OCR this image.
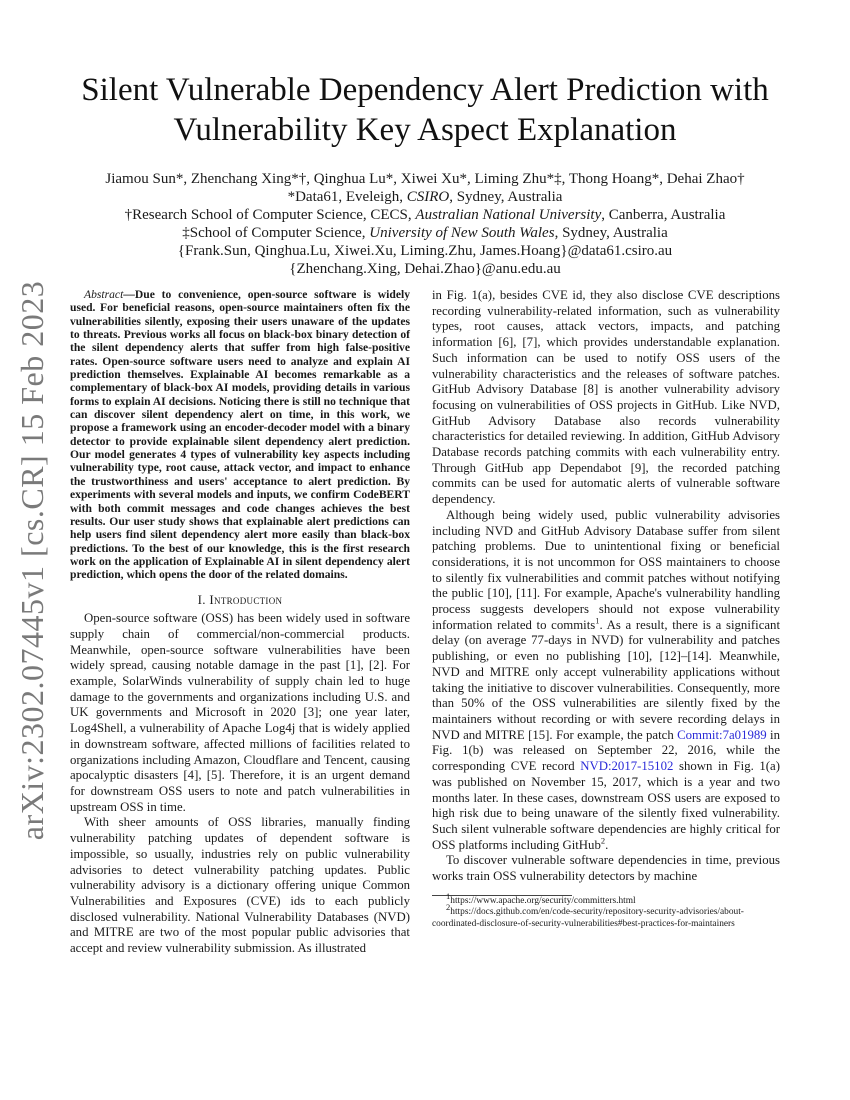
arXiv:2302.07445v1 [cs.CR] 15 Feb 2023
Silent Vulnerable Dependency Alert Prediction with
Vulnerability Key Aspect Explanation

Jiamou Sun*, Zhenchang Xing*†, Qinghua Lu*, Xiwei Xu*, Liming Zhu*‡, Thong Hoang*, Dehai Zhao†

*Data61, Eveleigh, CSIRO, Sydney, Australia

†Research School of Computer Science, CECS, Australian National University, Canberra, Australia

‡School of Computer Science, University of New South Wales, Sydney, Australia

{Frank.Sun, Qinghua.Lu, Xiwei.Xu, Liming.Zhu, James.Hoang}@data61.csiro.au

{Zhenchang.Xing, Dehai.Zhao}@anu.edu.au

Abstract—Due to convenience, open-source software is widely used. For beneficial reasons, open-source maintainers often fix the vulnerabilities silently, exposing their users unaware of the updates to threats. Previous works all focus on black-box binary detection of the silent dependency alerts that suffer from high false-positive rates. Open-source software users need to analyze and explain AI prediction themselves. Explainable AI becomes remarkable as a complementary of black-box AI models, providing details in various forms to explain AI decisions. Noticing there is still no technique that can discover silent dependency alert on time, in this work, we propose a framework using an encoder-decoder model with a binary detector to provide explainable silent dependency alert prediction. Our model generates 4 types of vulnerability key aspects including vulnerability type, root cause, attack vector, and impact to enhance the trustworthiness and users' acceptance to alert prediction. By experiments with several models and inputs, we confirm CodeBERT with both commit messages and code changes achieves the best results. Our user study shows that explainable alert predictions can help users find silent dependency alert more easily than black-box predictions. To the best of our knowledge, this is the first research work on the application of Explainable AI in silent dependency alert prediction, which opens the door of the related domains.

I. Introduction

Open-source software (OSS) has been widely used in software supply chain of commercial/non-commercial products. Meanwhile, open-source software vulnerabilities have been widely spread, causing notable damage in the past [1], [2]. For example, SolarWinds vulnerability of supply chain led to huge damage to the governments and organizations including U.S. and UK governments and Microsoft in 2020 [3]; one year later, Log4Shell, a vulnerability of Apache Log4j that is widely applied in downstream software, affected millions of facilities related to organizations including Amazon, Cloudflare and Tencent, causing apocalyptic disasters [4], [5]. Therefore, it is an urgent demand for downstream OSS users to note and patch vulnerabilities in upstream OSS in time.

With sheer amounts of OSS libraries, manually finding vulnerability patching updates of dependent software is impossible, so usually, industries rely on public vulnerability advisories to detect vulnerability patching updates. Public vulnerability advisory is a dictionary offering unique Common Vulnerabilities and Exposures (CVE) ids to each publicly disclosed vulnerability. National Vulnerability Databases (NVD) and MITRE are two of the most popular public advisories that accept and review vulnerability submission. As illustrated

in Fig. 1(a), besides CVE id, they also disclose CVE descriptions recording vulnerability-related information, such as vulnerability types, root causes, attack vectors, impacts, and patching information [6], [7], which provides understandable explanation. Such information can be used to notify OSS users of the vulnerability characteristics and the releases of software patches. GitHub Advisory Database [8] is another vulnerability advisory focusing on vulnerabilities of OSS projects in GitHub. Like NVD, GitHub Advisory Database also records vulnerability characteristics for detailed reviewing. In addition, GitHub Advisory Database records patching commits with each vulnerability entry. Through GitHub app Dependabot [9], the recorded patching commits can be used for automatic alerts of vulnerable software dependency.

Although being widely used, public vulnerability advisories including NVD and GitHub Advisory Database suffer from silent patching problems. Due to unintentional fixing or beneficial considerations, it is not uncommon for OSS maintainers to choose to silently fix vulnerabilities and commit patches without notifying the public [10], [11]. For example, Apache's vulnerability handling process suggests developers should not expose vulnerability information related to commits$^1$. As a result, there is a significant delay (on average 77-days in NVD) for vulnerability and patches publishing, or even no publishing [10], [12]–[14]. Meanwhile, NVD and MITRE only accept vulnerability applications without taking the initiative to discover vulnerabilities. Consequently, more than 50% of the OSS vulnerabilities are silently fixed by the maintainers without recording or with severe recording delays in NVD and MITRE [15]. For example, the patch Commit:7a01989 in Fig. 1(b) was released on September 22, 2016, while the corresponding CVE record NVD:2017-15102 shown in Fig. 1(a) was published on November 15, 2017, which is a year and two months later. In these cases, downstream OSS users are exposed to high risk due to being unaware of the silently fixed vulnerability. Such silent vulnerable software dependencies are highly critical for OSS platforms including GitHub$^2$.

To discover vulnerable software dependencies in time, previous works train OSS vulnerability detectors by machine

$^1$https://www.apache.org/security/committers.html

$^2$https://docs.github.com/en/code-security/repository-security-advisories/about-coordinated-disclosure-of-security-vulnerabilities#best-practices-for-maintainers
